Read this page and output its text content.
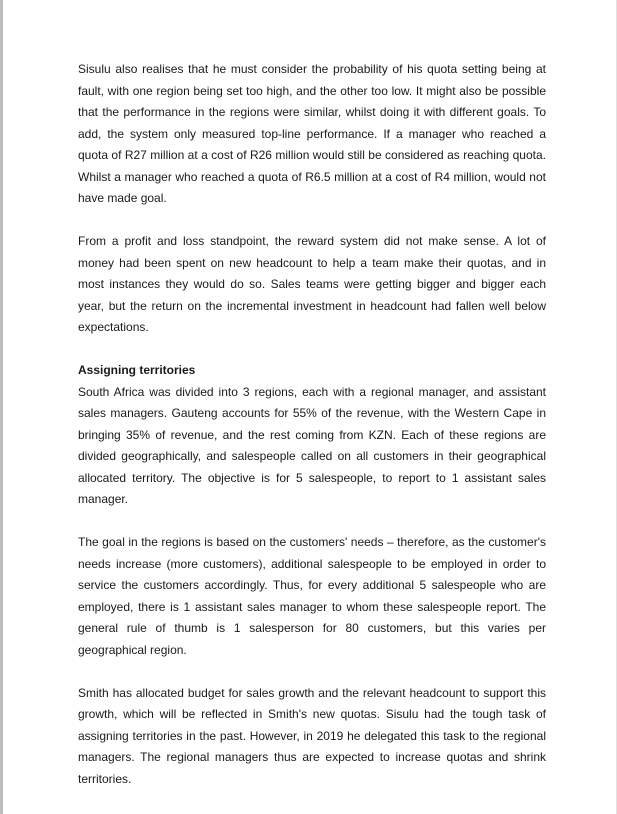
Sisulu also realises that he must consider the probability of his quota setting being at fault, with one region being set too high, and the other too low. It might also be possible that the performance in the regions were similar, whilst doing it with different goals. To add, the system only measured top-line performance. If a manager who reached a quota of R27 million at a cost of R26 million would still be considered as reaching quota. Whilst a manager who reached a quota of R6.5 million at a cost of R4 million, would not have made goal.

From a profit and loss standpoint, the reward system did not make sense. A lot of money had been spent on new headcount to help a team make their quotas, and in most instances they would do so. Sales teams were getting bigger and bigger each year, but the return on the incremental investment in headcount had fallen well below expectations.

Assigning territories

South Africa was divided into 3 regions, each with a regional manager, and assistant sales managers. Gauteng accounts for 55% of the revenue, with the Western Cape in bringing 35% of revenue, and the rest coming from KZN. Each of these regions are divided geographically, and salespeople called on all customers in their geographical allocated territory. The objective is for 5 salespeople, to report to 1 assistant sales manager.

The goal in the regions is based on the customers' needs – therefore, as the customer's needs increase (more customers), additional salespeople to be employed in order to service the customers accordingly. Thus, for every additional 5 salespeople who are employed, there is 1 assistant sales manager to whom these salespeople report. The general rule of thumb is 1 salesperson for 80 customers, but this varies per geographical region.

Smith has allocated budget for sales growth and the relevant headcount to support this growth, which will be reflected in Smith's new quotas. Sisulu had the tough task of assigning territories in the past. However, in 2019 he delegated this task to the regional managers. The regional managers thus are expected to increase quotas and shrink territories.
